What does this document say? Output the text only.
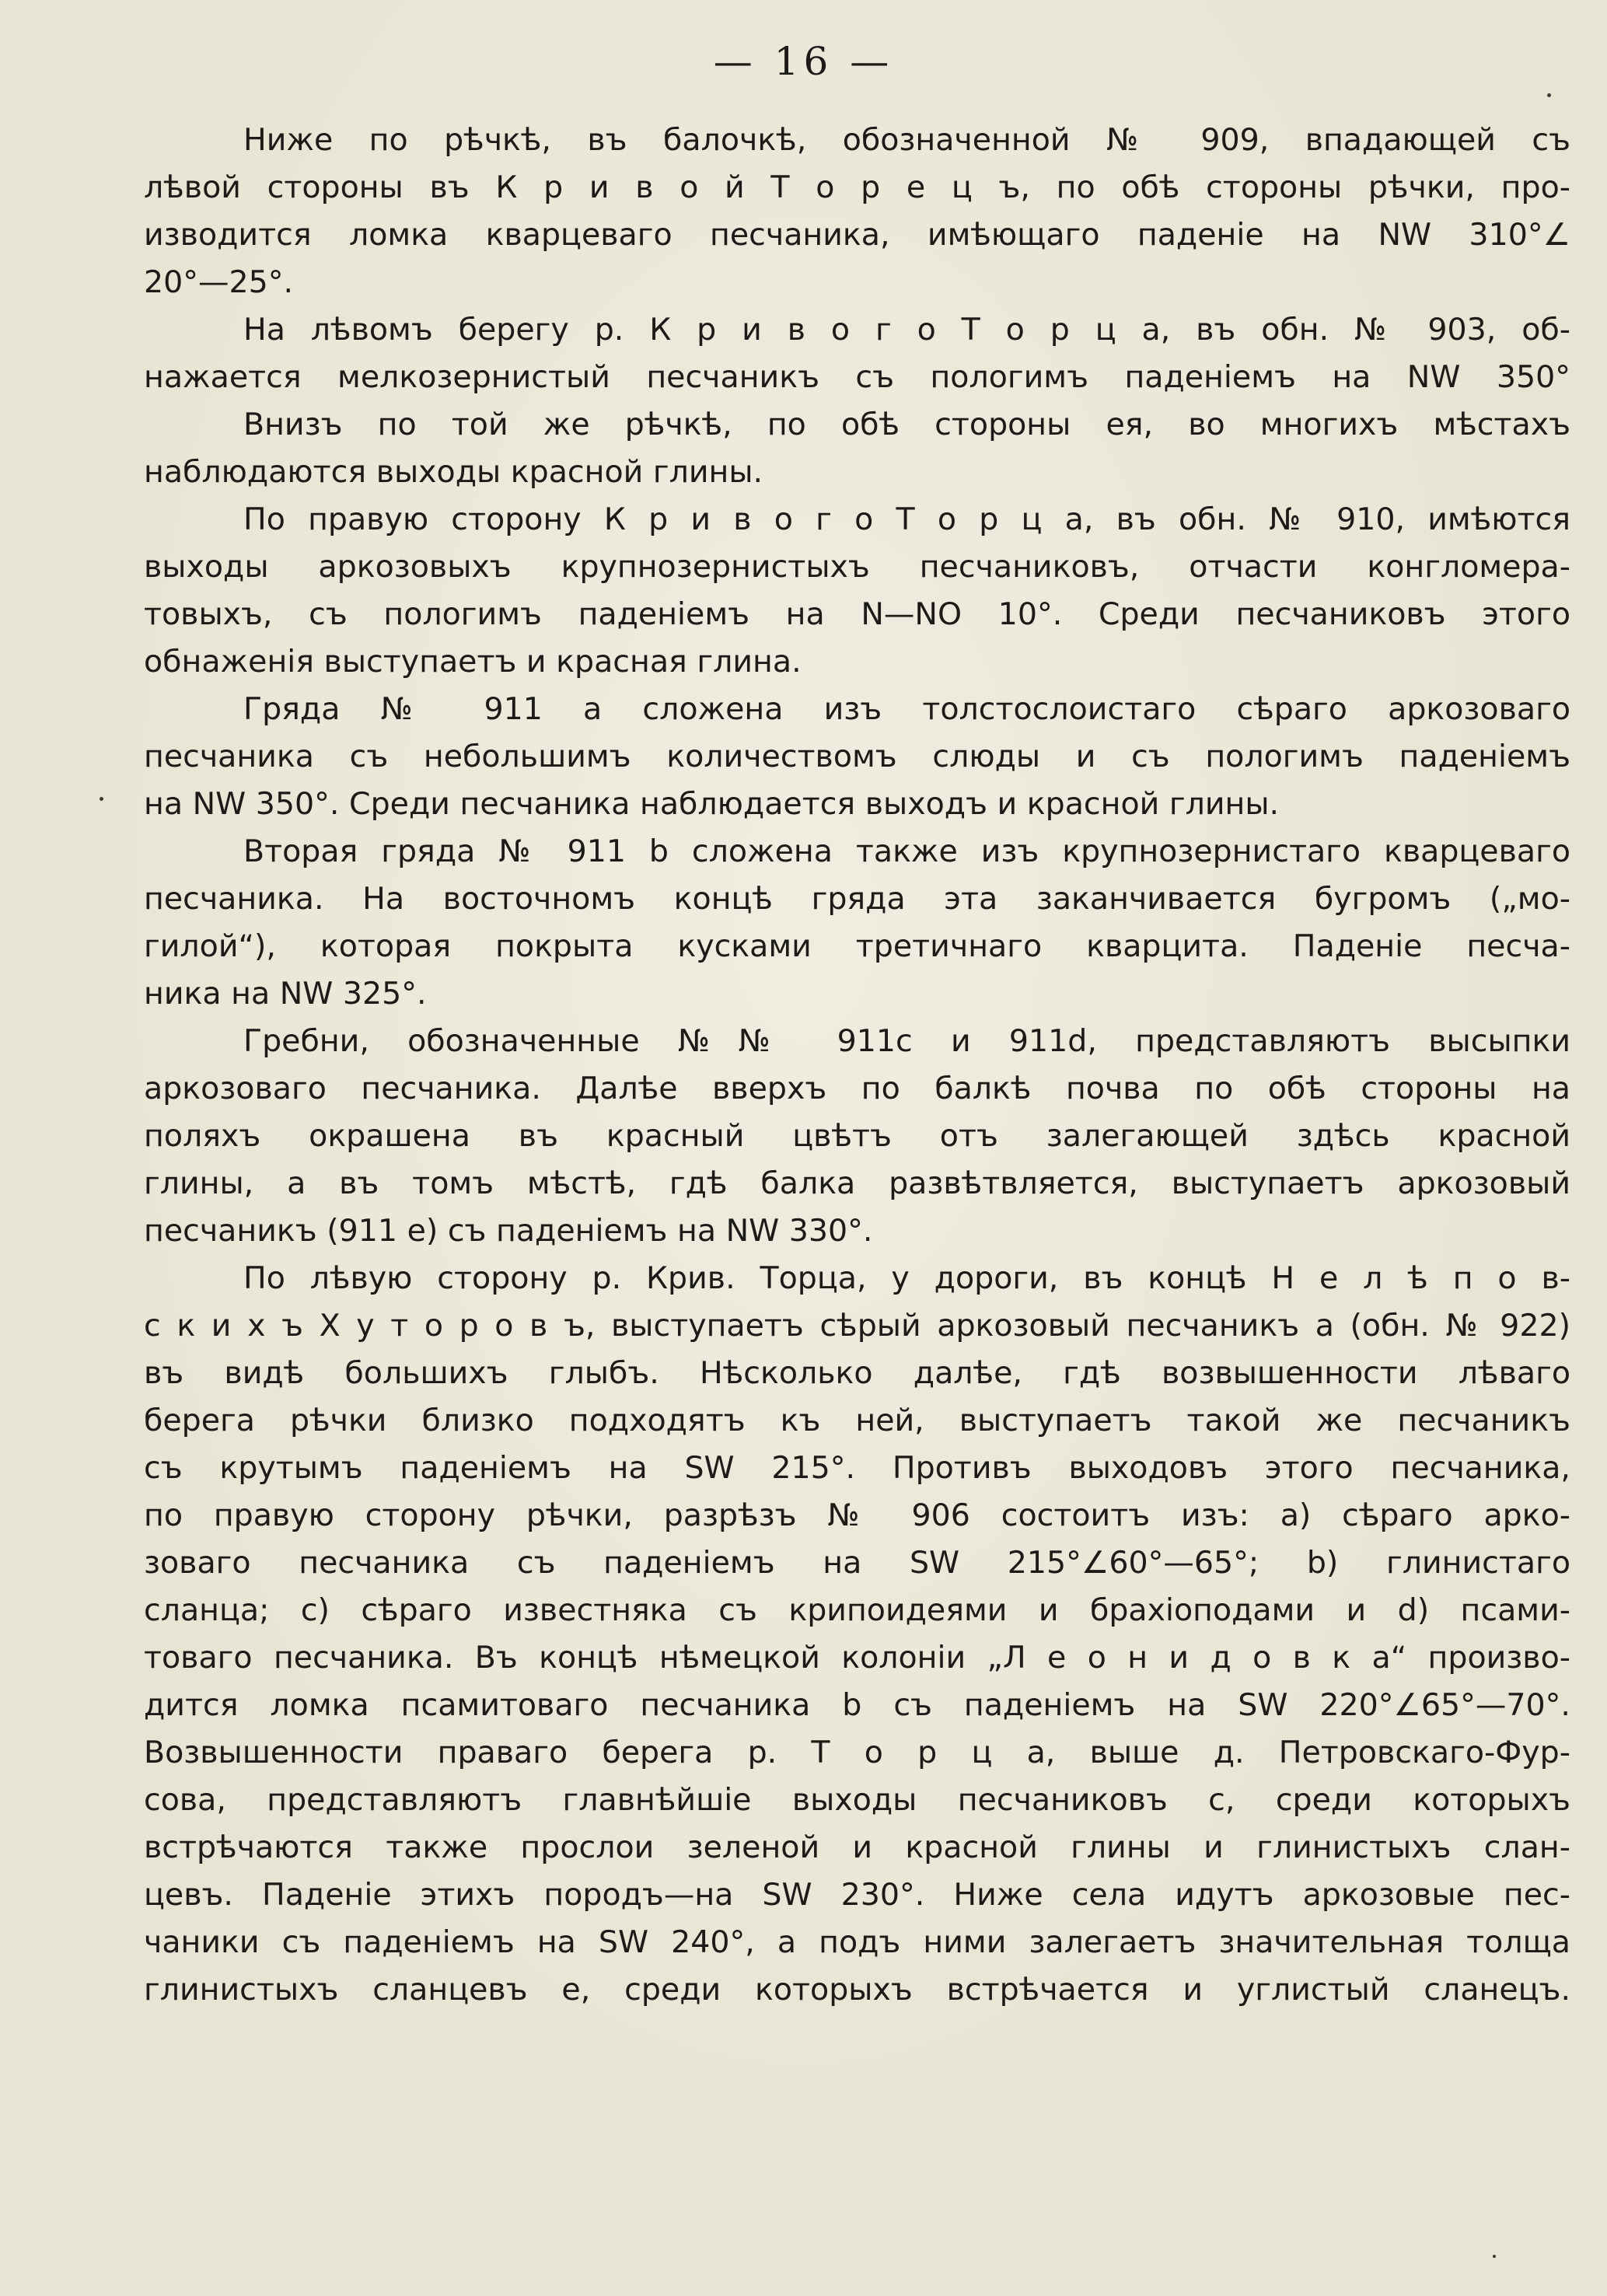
— 16 —
Ниже по рѣчкѣ, въ балочкѣ, обозначенной № 909, впадающей съ
лѣвой стороны въ К р и в о й Т о р е ц ъ, по обѣ стороны рѣчки, про-
изводится ломка кварцеваго песчаника, имѣющаго паденіе на NW 310°∠
20°—25°.
На лѣвомъ берегу р. К р и в о г о Т о р ц а, въ обн. № 903, об-
нажается мелкозернистый песчаникъ съ пологимъ паденіемъ на NW 350°
Внизъ по той же рѣчкѣ, по обѣ стороны ея, во многихъ мѣстахъ
наблюдаются выходы красной глины.
По правую сторону К р и в о г о Т о р ц а, въ обн. № 910, имѣются
выходы аркозовыхъ крупнозернистыхъ песчаниковъ, отчасти конгломера-
товыхъ, съ пологимъ паденіемъ на N—NO 10°. Среди песчаниковъ этого
обнаженія выступаетъ и красная глина.
Гряда № 911 а сложена изъ толстослоистаго сѣраго аркозоваго
песчаника съ небольшимъ количествомъ слюды и съ пологимъ паденіемъ
на NW 350°. Среди песчаника наблюдается выходъ и красной глины.
Вторая гряда № 911 b сложена также изъ крупнозернистаго кварцеваго
песчаника. На восточномъ концѣ гряда эта заканчивается бугромъ („мо-
гилой“), которая покрыта кусками третичнаго кварцита. Паденіе песча-
ника на NW 325°.
Гребни, обозначенные №№ 911с и 911d, представляютъ высыпки
аркозоваго песчаника. Далѣе вверхъ по балкѣ почва по обѣ стороны на
поляхъ окрашена въ красный цвѣтъ отъ залегающей здѣсь красной
глины, а въ томъ мѣстѣ, гдѣ балка развѣтвляется, выступаетъ аркозовый
песчаникъ (911 е) съ паденіемъ на NW 330°.
По лѣвую сторону р. Крив. Торца, у дороги, въ концѣ Н е л ѣ п о в-
с к и х ъ Х у т о р о в ъ, выступаетъ сѣрый аркозовый песчаникъ а (обн. № 922)
въ видѣ большихъ глыбъ. Нѣсколько далѣе, гдѣ возвышенности лѣваго
берега рѣчки близко подходятъ къ ней, выступаетъ такой же песчаникъ
съ крутымъ паденіемъ на SW 215°. Противъ выходовъ этого песчаника,
по правую сторону рѣчки, разрѣзъ № 906 состоитъ изъ: а) сѣраго арко-
зоваго песчаника съ паденіемъ на SW 215°∠60°—65°; b) глинистаго
сланца; с) сѣраго известняка съ крипоидеями и брахіоподами и d) псами-
товаго песчаника. Въ концѣ нѣмецкой колоніи „Л е о н и д о в к а“ произво-
дится ломка псамитоваго песчаника b съ паденіемъ на SW 220°∠65°—70°.
Возвышенности праваго берега р. Т о р ц а, выше д. Петровскаго-Фур-
сова, представляютъ главнѣйшіе выходы песчаниковъ с, среди которыхъ
встрѣчаются также прослои зеленой и красной глины и глинистыхъ слан-
цевъ. Паденіе этихъ породъ—на SW 230°. Ниже села идутъ аркозовые пес-
чаники съ паденіемъ на SW 240°, а подъ ними залегаетъ значительная толща
глинистыхъ сланцевъ е, среди которыхъ встрѣчается и углистый сланецъ.
